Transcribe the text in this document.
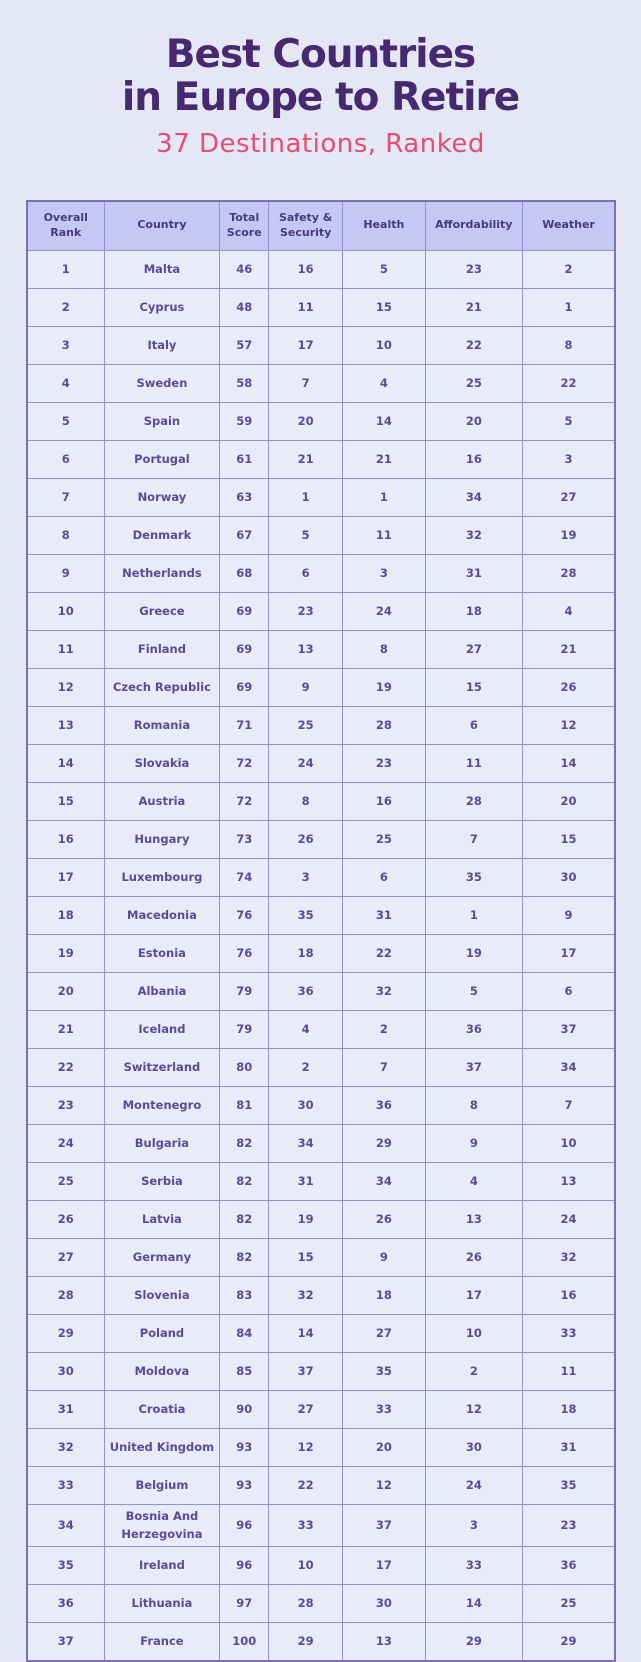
Best Countries
in Europe to Retire
37 Destinations, Ranked
Overall Rank	Country	Total Score	Safety & Security	Health	Affordability	Weather
1	Malta	46	16	5	23	2
2	Cyprus	48	11	15	21	1
3	Italy	57	17	10	22	8
4	Sweden	58	7	4	25	22
5	Spain	59	20	14	20	5
6	Portugal	61	21	21	16	3
7	Norway	63	1	1	34	27
8	Denmark	67	5	11	32	19
9	Netherlands	68	6	3	31	28
10	Greece	69	23	24	18	4
11	Finland	69	13	8	27	21
12	Czech Republic	69	9	19	15	26
13	Romania	71	25	28	6	12
14	Slovakia	72	24	23	11	14
15	Austria	72	8	16	28	20
16	Hungary	73	26	25	7	15
17	Luxembourg	74	3	6	35	30
18	Macedonia	76	35	31	1	9
19	Estonia	76	18	22	19	17
20	Albania	79	36	32	5	6
21	Iceland	79	4	2	36	37
22	Switzerland	80	2	7	37	34
23	Montenegro	81	30	36	8	7
24	Bulgaria	82	34	29	9	10
25	Serbia	82	31	34	4	13
26	Latvia	82	19	26	13	24
27	Germany	82	15	9	26	32
28	Slovenia	83	32	18	17	16
29	Poland	84	14	27	10	33
30	Moldova	85	37	35	2	11
31	Croatia	90	27	33	12	18
32	United Kingdom	93	12	20	30	31
33	Belgium	93	22	12	24	35
34	Bosnia And Herzegovina	96	33	37	3	23
35	Ireland	96	10	17	33	36
36	Lithuania	97	28	30	14	25
37	France	100	29	13	29	29
